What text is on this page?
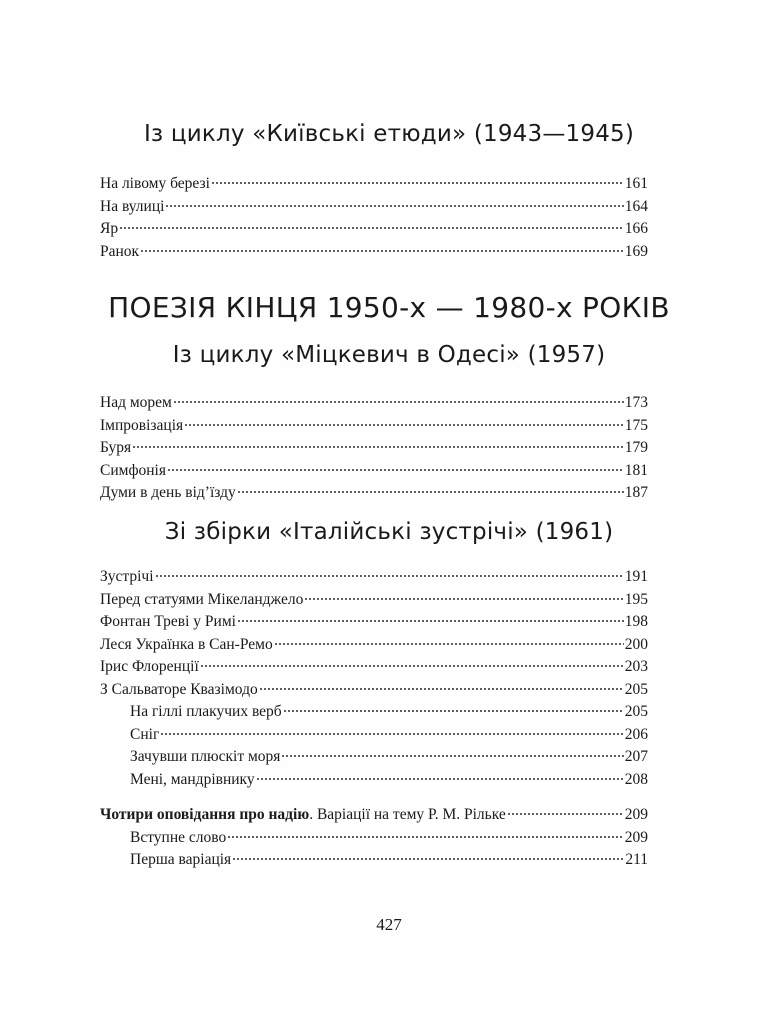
Із циклу «Київські етюди» (1943—1945)
На лівому березі	161
На вулиці	164
Яр	166
Ранок	169
ПОЕЗІЯ КІНЦЯ 1950-х — 1980-х РОКІВ
Із циклу «Міцкевич в Одесі» (1957)
Над морем	173
Імпровізація	175
Буря	179
Симфонія	181
Думи в день від’їзду	187
Зі збірки «Італійські зустрічі» (1961)
Зустрічі	191
Перед статуями Мікеланджело	195
Фонтан Треві у Римі	198
Леся Українка в Сан-Ремо	200
Ірис Флоренції	203
З Сальваторе Квазімодо	205
На гіллі плакучих верб	205
Сніг	206
Зачувши плюскіт моря	207
Мені, мандрівнику	208
Чотири оповідання про надію. Варіації на тему Р. М. Рільке	209
Вступне слово	209
Перша варіація	211
427
